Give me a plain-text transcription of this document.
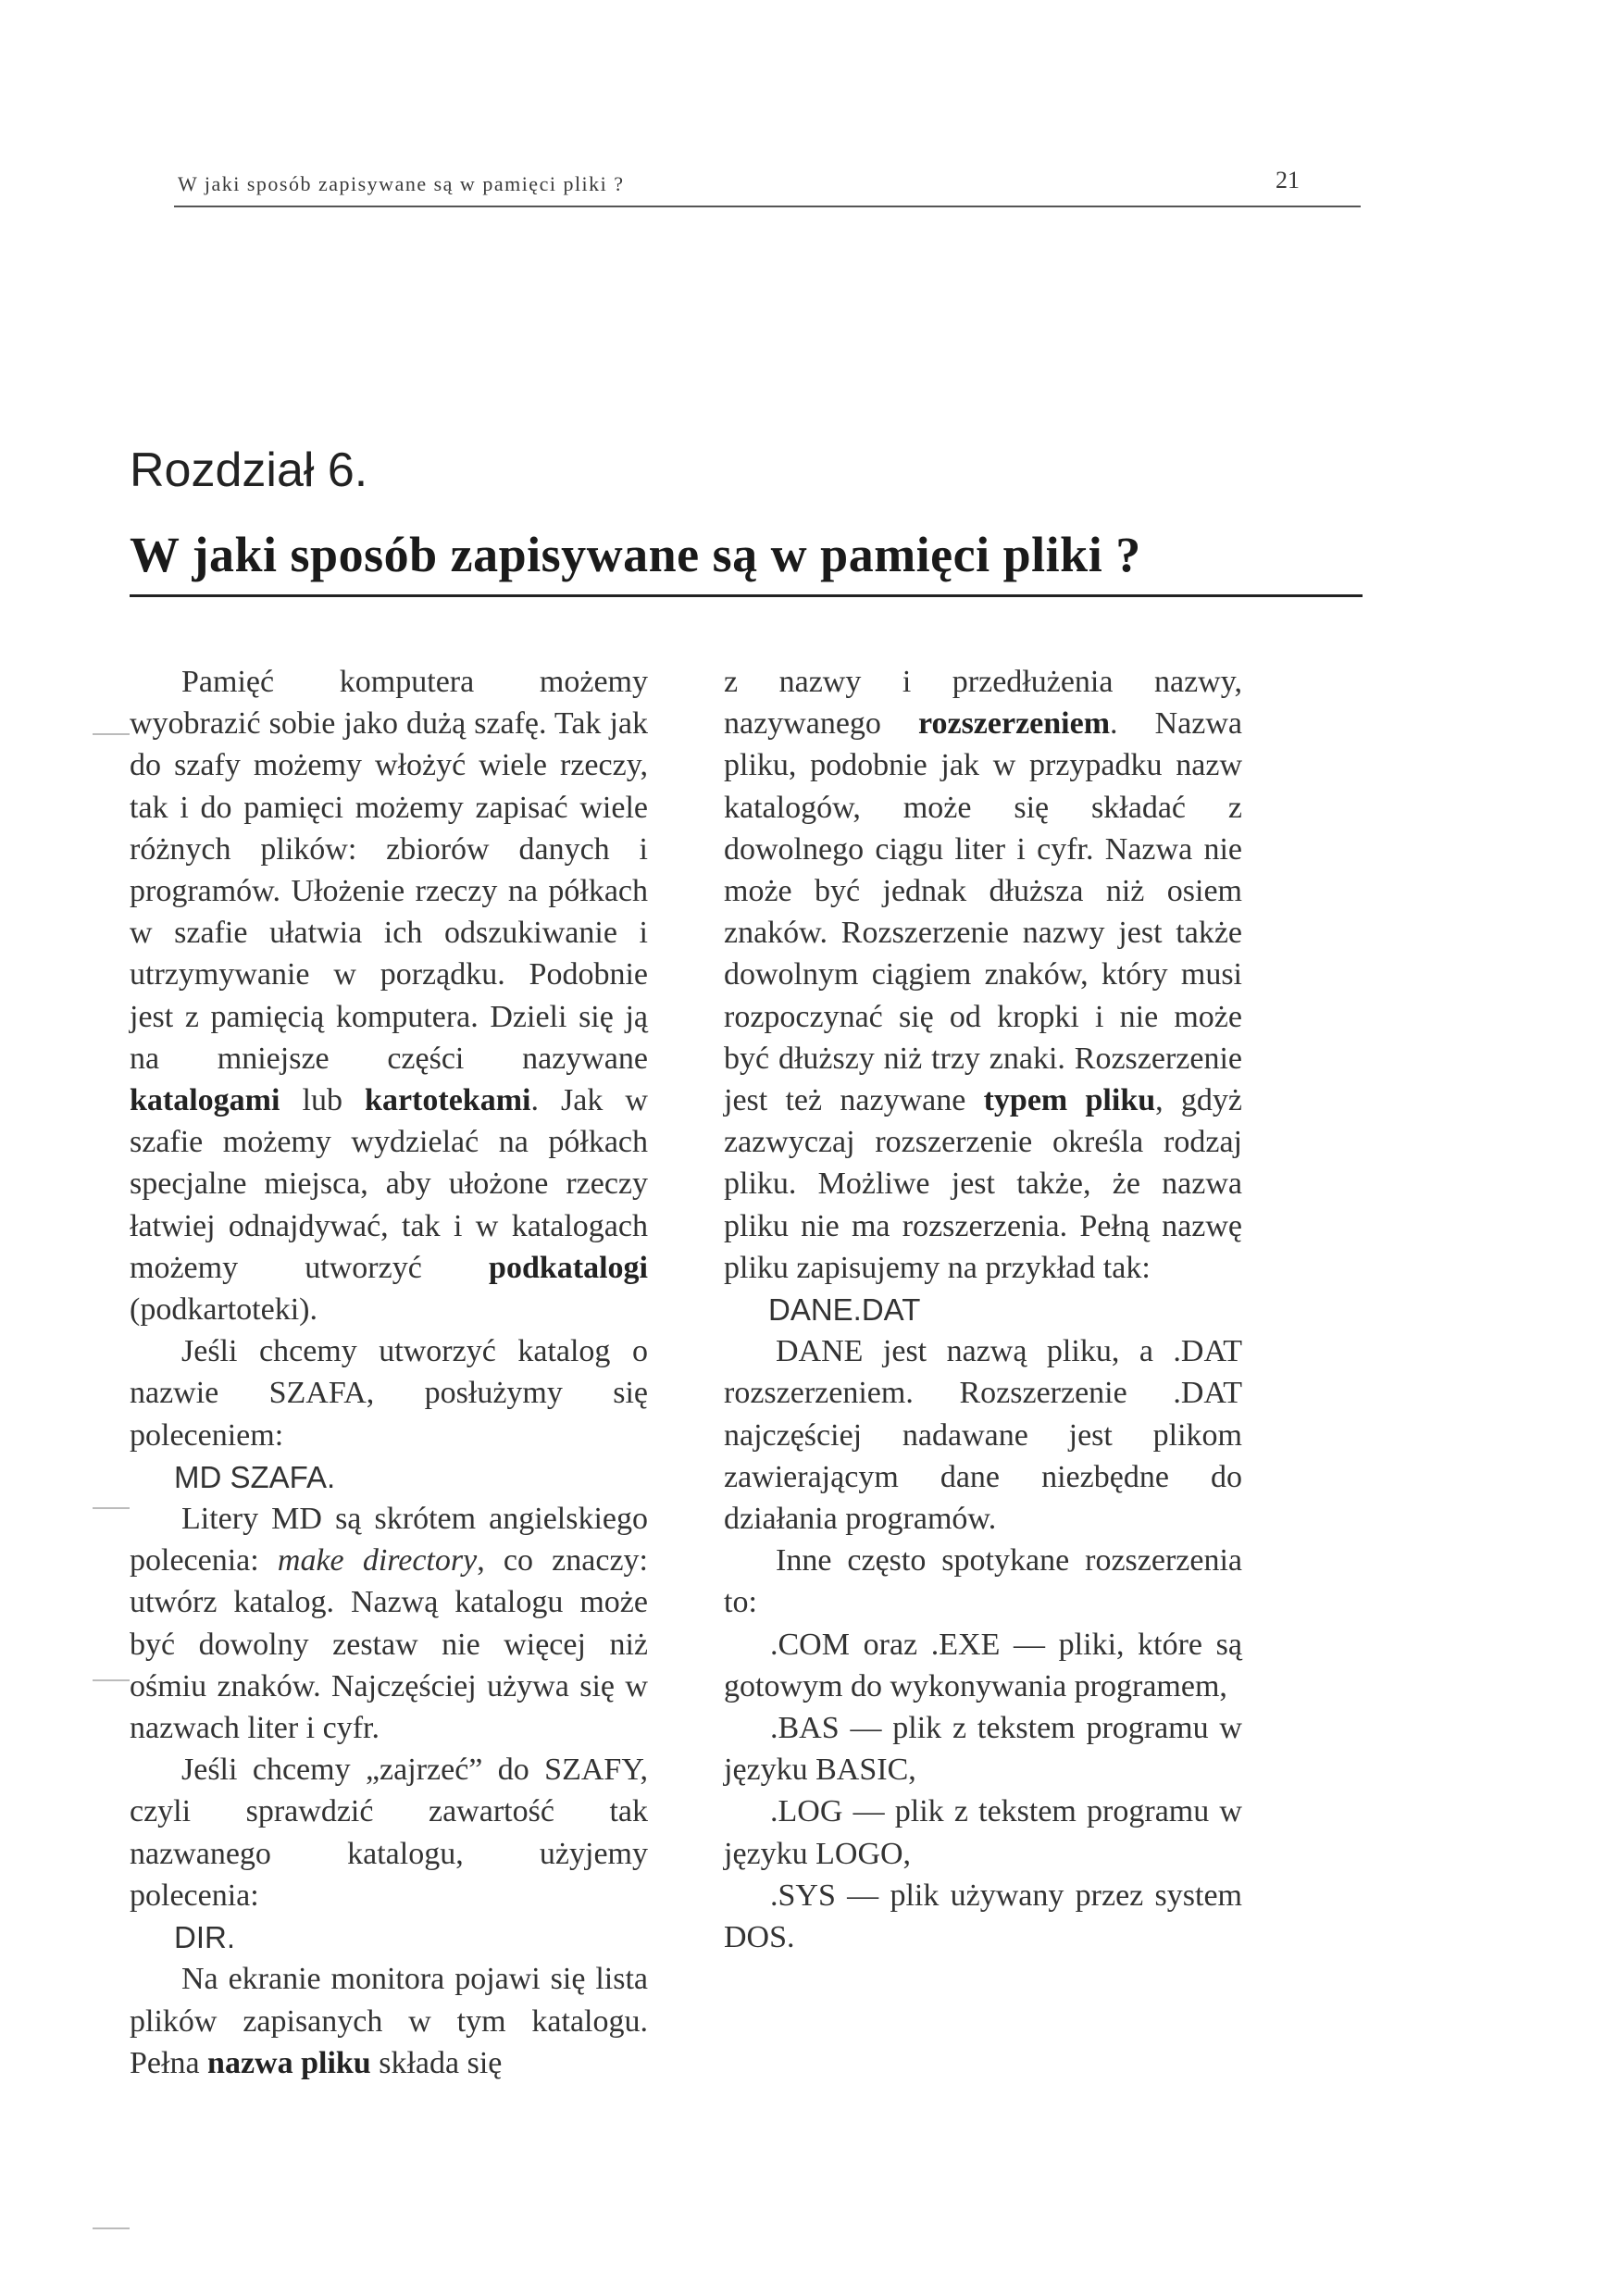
W jaki sposób zapisywane są w pamięci pliki ?	21
Rozdział 6.
W jaki sposób zapisywane są w pamięci pliki ?

Pamięć komputera możemy wyobrazić sobie jako dużą szafę. Tak jak do szafy możemy włożyć wiele rzeczy, tak i do pamięci możemy zapisać wiele różnych plików: zbiorów danych i programów. Ułożenie rzeczy na półkach w szafie ułatwia ich odszukiwanie i utrzymywanie w porządku. Podobnie jest z pamięcią komputera. Dzieli się ją na mniejsze części nazywane katalogami lub kartotekami. Jak w szafie możemy wydzielać na półkach specjalne miejsca, aby ułożone rzeczy łatwiej odnajdywać, tak i w katalogach możemy utworzyć podkatalogi (podkartoteki).

Jeśli chcemy utworzyć katalog o nazwie SZAFA, posłużymy się poleceniem:

MD SZAFA.

Litery MD są skrótem angielskiego polecenia: make directory, co znaczy: utwórz katalog. Nazwą katalogu może być dowolny zestaw nie więcej niż ośmiu znaków. Najczęściej używa się w nazwach liter i cyfr.

Jeśli chcemy „zajrzeć” do SZAFY, czyli sprawdzić zawartość tak nazwanego katalogu, użyjemy polecenia:

DIR.

Na ekranie monitora pojawi się lista plików zapisanych w tym katalogu. Pełna nazwa pliku składa się

z nazwy i przedłużenia nazwy, nazywanego rozszerzeniem. Nazwa pliku, podobnie jak w przypadku nazw katalogów, może się składać z dowolnego ciągu liter i cyfr. Nazwa nie może być jednak dłuższa niż osiem znaków. Rozszerzenie nazwy jest także dowolnym ciągiem znaków, który musi rozpoczynać się od kropki i nie może być dłuższy niż trzy znaki. Rozszerzenie jest też nazywane typem pliku, gdyż zazwyczaj rozszerzenie określa rodzaj pliku. Możliwe jest także, że nazwa pliku nie ma rozszerzenia. Pełną nazwę pliku zapisujemy na przykład tak:

DANE.DAT

DANE jest nazwą pliku, a .DAT rozszerzeniem. Rozszerzenie .DAT najczęściej nadawane jest plikom zawierającym dane niezbędne do działania programów.

Inne często spotykane rozszerzenia to:

.COM oraz .EXE — pliki, które są gotowym do wykonywania programem,

.BAS — plik z tekstem programu w języku BASIC,

.LOG — plik z tekstem programu w języku LOGO,

.SYS — plik używany przez system DOS.
